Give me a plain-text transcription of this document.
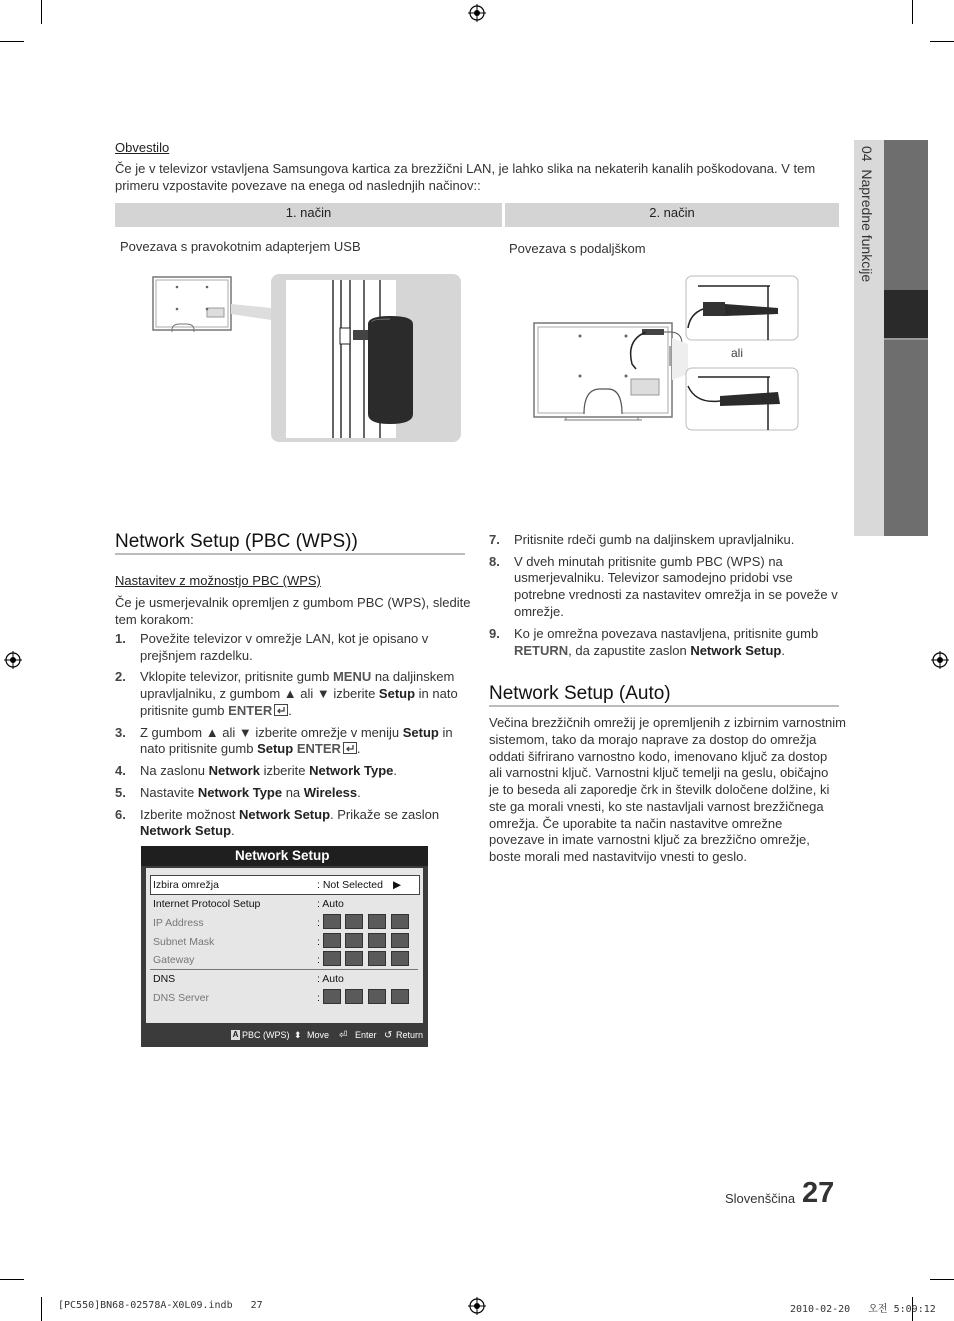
04  Napredne funkcije
Obvestilo
Če je v televizor vstavljena Samsungova kartica za brezžični LAN, je lahko slika na nekaterih kanalih poškodovana. V tem
primeru vzpostavite povezave na enega od naslednjih načinov::
1. način	2. način
Povezava s pravokotnim adapterjem USB	Povezava s podaljškom
ali
Network Setup (PBC (WPS))
Nastavitev z možnostjo PBC (WPS)
Če je usmerjevalnik opremljen z gumbom PBC (WPS), sledite
tem korakom:
1. Povežite televizor v omrežje LAN, kot je opisano v
prejšnjem razdelku.
2. Vklopite televizor, pritisnite gumb MENU na daljinskem
upravljalniku, z gumbom ▲ ali ▼ izberite Setup in nato
pritisnite gumb ENTER .
3. Z gumbom ▲ ali ▼ izberite omrežje v meniju Setup in
nato pritisnite gumb Setup ENTER .
4. Na zaslonu Network izberite Network Type.
5. Nastavite Network Type na Wireless.
6. Izberite možnost Network Setup. Prikaže se zaslon
Network Setup.
Network Setup
Izbira omrežja	: Not Selected ▶
Internet Protocol Setup	: Auto
IP Address	:
Subnet Mask	:
Gateway	:
DNS	: Auto
DNS Server	:
A PBC (WPS) ⬍ Move ⏎ Enter ↺ Return
7. Pritisnite rdeči gumb na daljinskem upravljalniku.
8. V dveh minutah pritisnite gumb PBC (WPS) na
usmerjevalniku. Televizor samodejno pridobi vse
potrebne vrednosti za nastavitev omrežja in se poveže v
omrežje.
9. Ko je omrežna povezava nastavljena, pritisnite gumb
RETURN, da zapustite zaslon Network Setup.
Network Setup (Auto)
Večina brezžičnih omrežij je opremljenih z izbirnim varnostnim
sistemom, tako da morajo naprave za dostop do omrežja
oddati šifrirano varnostno kodo, imenovano ključ za dostop
ali varnostni ključ. Varnostni ključ temelji na geslu, običajno
je to beseda ali zaporedje črk in številk določene dolžine, ki
ste ga morali vnesti, ko ste nastavljali varnost brezžičnega
omrežja. Če uporabite ta način nastavitve omrežne
povezave in imate varnostni ključ za brezžično omrežje,
boste morali med nastavitvijo vnesti to geslo.
Slovenščina 27
[PC550]BN68-02578A-X0L09.indb   27	2010-02-20   오전 5:09:12
